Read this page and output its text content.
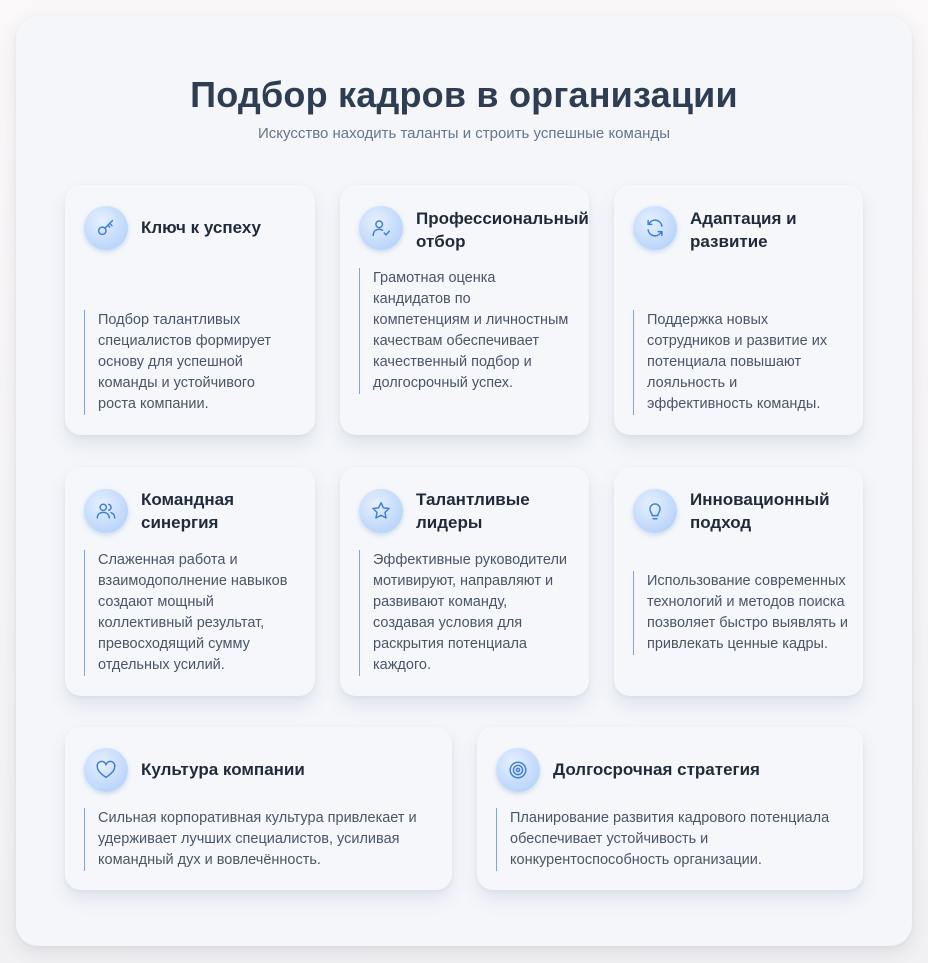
Подбор кадров в организации

Искусство находить таланты и строить успешные команды

Ключ к успеху

Подбор талантливых специалистов формирует основу для успешной команды и устойчивого роста компании.

Профессиональный отбор

Грамотная оценка кандидатов по компетенциям и личностным качествам обеспечивает качественный подбор и долгосрочный успех.

Адаптация и развитие

Поддержка новых сотрудников и развитие их потенциала повышают лояльность и эффективность команды.

Командная синергия

Слаженная работа и взаимодополнение навыков создают мощный коллективный результат, превосходящий сумму отдельных усилий.

Талантливые лидеры

Эффективные руководители мотивируют, направляют и развивают команду, создавая условия для раскрытия потенциала каждого.

Инновационный подход

Использование современных технологий и методов поиска позволяет быстро выявлять и привлекать ценные кадры.

Культура компании

Сильная корпоративная культура привлекает и удерживает лучших специалистов, усиливая командный дух и вовлечённость.

Долгосрочная стратегия

Планирование развития кадрового потенциала обеспечивает устойчивость и конкурентоспособность организации.
